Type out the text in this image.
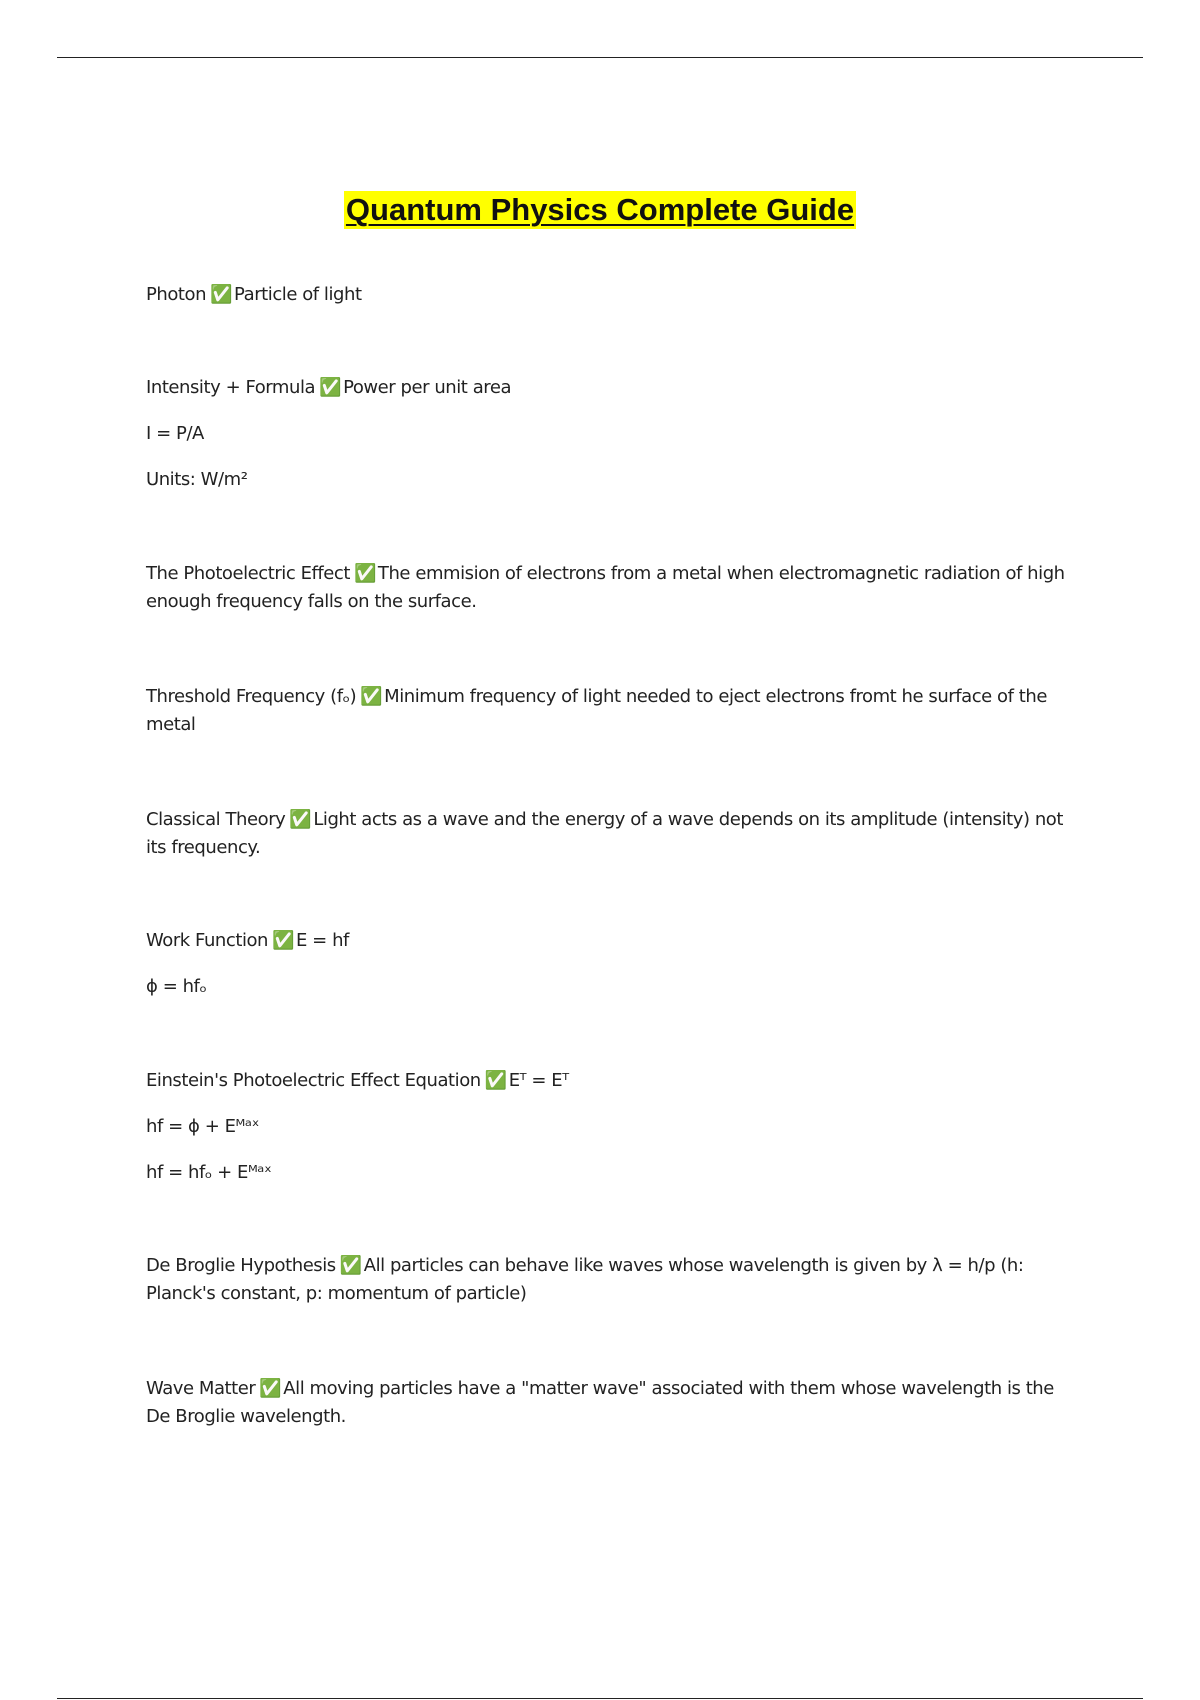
Quantum Physics Complete Guide
Photon ✅ Particle of light
Intensity + Formula ✅ Power per unit area
I = P/A
Units: W/m²
The Photoelectric Effect ✅ The emmision of electrons from a metal when electromagnetic radiation of high enough frequency falls on the surface.
Threshold Frequency (fₒ) ✅ Minimum frequency of light needed to eject electrons fromt he surface of the metal
Classical Theory ✅ Light acts as a wave and the energy of a wave depends on its amplitude (intensity) not its frequency.
Work Function ✅ E = hf
ϕ = hfₒ
Einstein's Photoelectric Effect Equation ✅ Eᵀ = Eᵀ
hf = ϕ + Eᴹᵃˣ
hf = hfₒ + Eᴹᵃˣ
De Broglie Hypothesis ✅ All particles can behave like waves whose wavelength is given by λ = h/p (h: Planck's constant, p: momentum of particle)
Wave Matter ✅ All moving particles have a "matter wave" associated with them whose wavelength is the De Broglie wavelength.
